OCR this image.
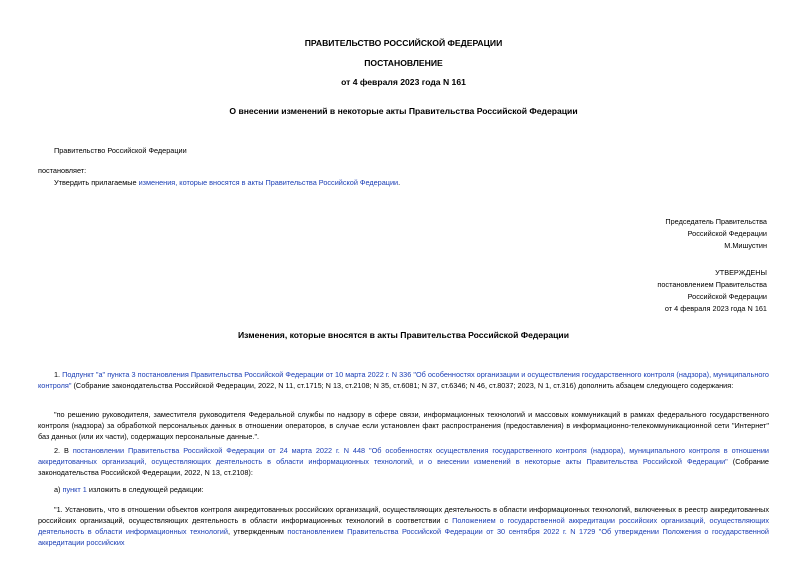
ПРАВИТЕЛЬСТВО РОССИЙСКОЙ ФЕДЕРАЦИИ
ПОСТАНОВЛЕНИЕ
от 4 февраля 2023 года N 161
О внесении изменений в некоторые акты Правительства Российской Федерации
Правительство Российской Федерации
постановляет:
Утвердить прилагаемые изменения, которые вносятся в акты Правительства Российской Федерации.
Председатель Правительства
Российской Федерации
М.Мишустин
УТВЕРЖДЕНЫ
постановлением Правительства
Российской Федерации
от 4 февраля 2023 года N 161
Изменения, которые вносятся в акты Правительства Российской Федерации
1. Подпункт "а" пункта 3 постановления Правительства Российской Федерации от 10 марта 2022 г. N 336 "Об особенностях организации и осуществления государственного контроля (надзора), муниципального контроля" (Собрание законодательства Российской Федерации, 2022, N 11, ст.1715; N 13, ст.2108; N 35, ст.6081; N 37, ст.6346; N 46, ст.8037; 2023, N 1, ст.316) дополнить абзацем следующего содержания:
"по решению руководителя, заместителя руководителя Федеральной службы по надзору в сфере связи, информационных технологий и массовых коммуникаций в рамках федерального государственного контроля (надзора) за обработкой персональных данных в отношении операторов, в случае если установлен факт распространения (предоставления) в информационно-телекоммуникационной сети "Интернет" баз данных (или их части), содержащих персональные данные.".
2. В постановлении Правительства Российской Федерации от 24 марта 2022 г. N 448 "Об особенностях осуществления государственного контроля (надзора), муниципального контроля в отношении аккредитованных организаций, осуществляющих деятельность в области информационных технологий, и о внесении изменений в некоторые акты Правительства Российской Федерации" (Собрание законодательства Российской Федерации, 2022, N 13, ст.2108):
а) пункт 1 изложить в следующей редакции:
"1. Установить, что в отношении объектов контроля аккредитованных российских организаций, осуществляющих деятельность в области информационных технологий, включенных в реестр аккредитованных российских организаций, осуществляющих деятельность в области информационных технологий в соответствии с Положением о государственной аккредитации российских организаций, осуществляющих деятельность в области информационных технологий, утвержденным постановлением Правительства Российской Федерации от 30 сентября 2022 г. N 1729 "Об утверждении Положения о государственной аккредитации российских
